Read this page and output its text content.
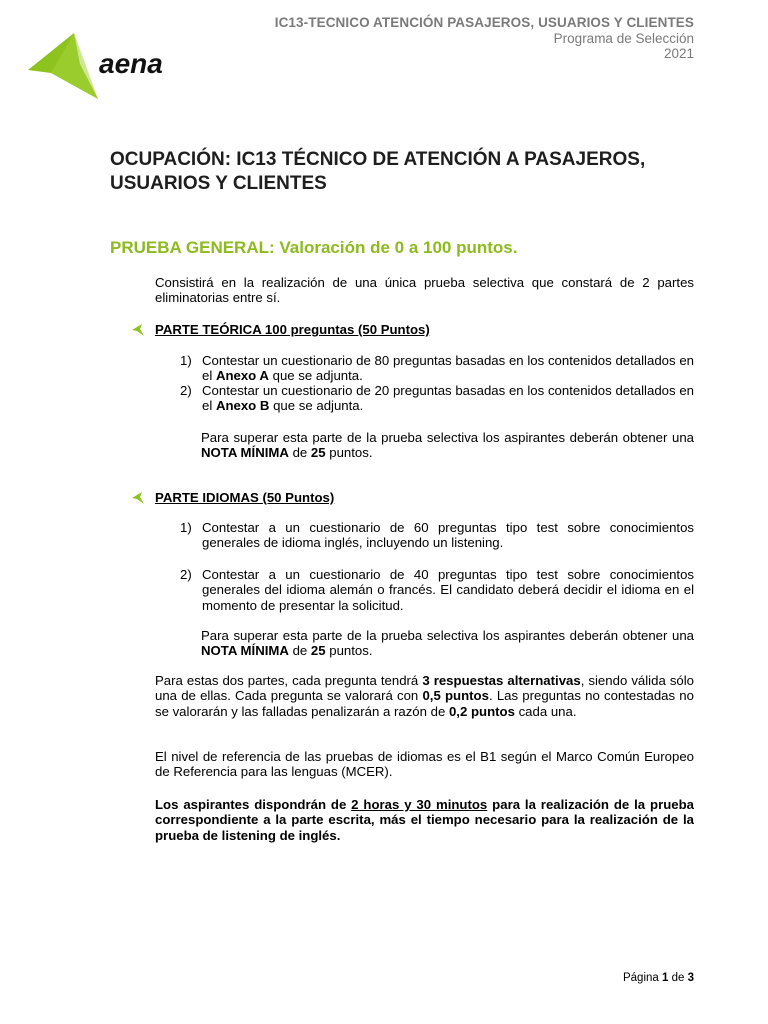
aena
IC13-TECNICO ATENCIÓN PASAJEROS, USUARIOS Y CLIENTES
Programa de Selección
2021
OCUPACIÓN: IC13 TÉCNICO DE ATENCIÓN A PASAJEROS, USUARIOS Y CLIENTES
PRUEBA GENERAL: Valoración de 0 a 100 puntos.
Consistirá en la realización de una única prueba selectiva que constará de 2 partes eliminatorias entre sí.
PARTE TEÓRICA 100 preguntas (50 Puntos)
1) Contestar un cuestionario de 80 preguntas basadas en los contenidos detallados en el Anexo A que se adjunta.
2) Contestar un cuestionario de 20 preguntas basadas en los contenidos detallados en el Anexo B que se adjunta.
Para superar esta parte de la prueba selectiva los aspirantes deberán obtener una NOTA MÍNIMA de 25 puntos.
PARTE IDIOMAS (50 Puntos)
1) Contestar a un cuestionario de 60 preguntas tipo test sobre conocimientos generales de idioma inglés, incluyendo un listening.
2) Contestar a un cuestionario de 40 preguntas tipo test sobre conocimientos generales del idioma alemán o francés. El candidato deberá decidir el idioma en el momento de presentar la solicitud.
Para superar esta parte de la prueba selectiva los aspirantes deberán obtener una NOTA MÍNIMA de 25 puntos.
Para estas dos partes, cada pregunta tendrá 3 respuestas alternativas, siendo válida sólo una de ellas. Cada pregunta se valorará con 0,5 puntos. Las preguntas no contestadas no se valorarán y las falladas penalizarán a razón de 0,2 puntos cada una.
El nivel de referencia de las pruebas de idiomas es el B1 según el Marco Común Europeo de Referencia para las lenguas (MCER).
Los aspirantes dispondrán de 2 horas y 30 minutos para la realización de la prueba correspondiente a la parte escrita, más el tiempo necesario para la realización de la prueba de listening de inglés.
Página 1 de 3
